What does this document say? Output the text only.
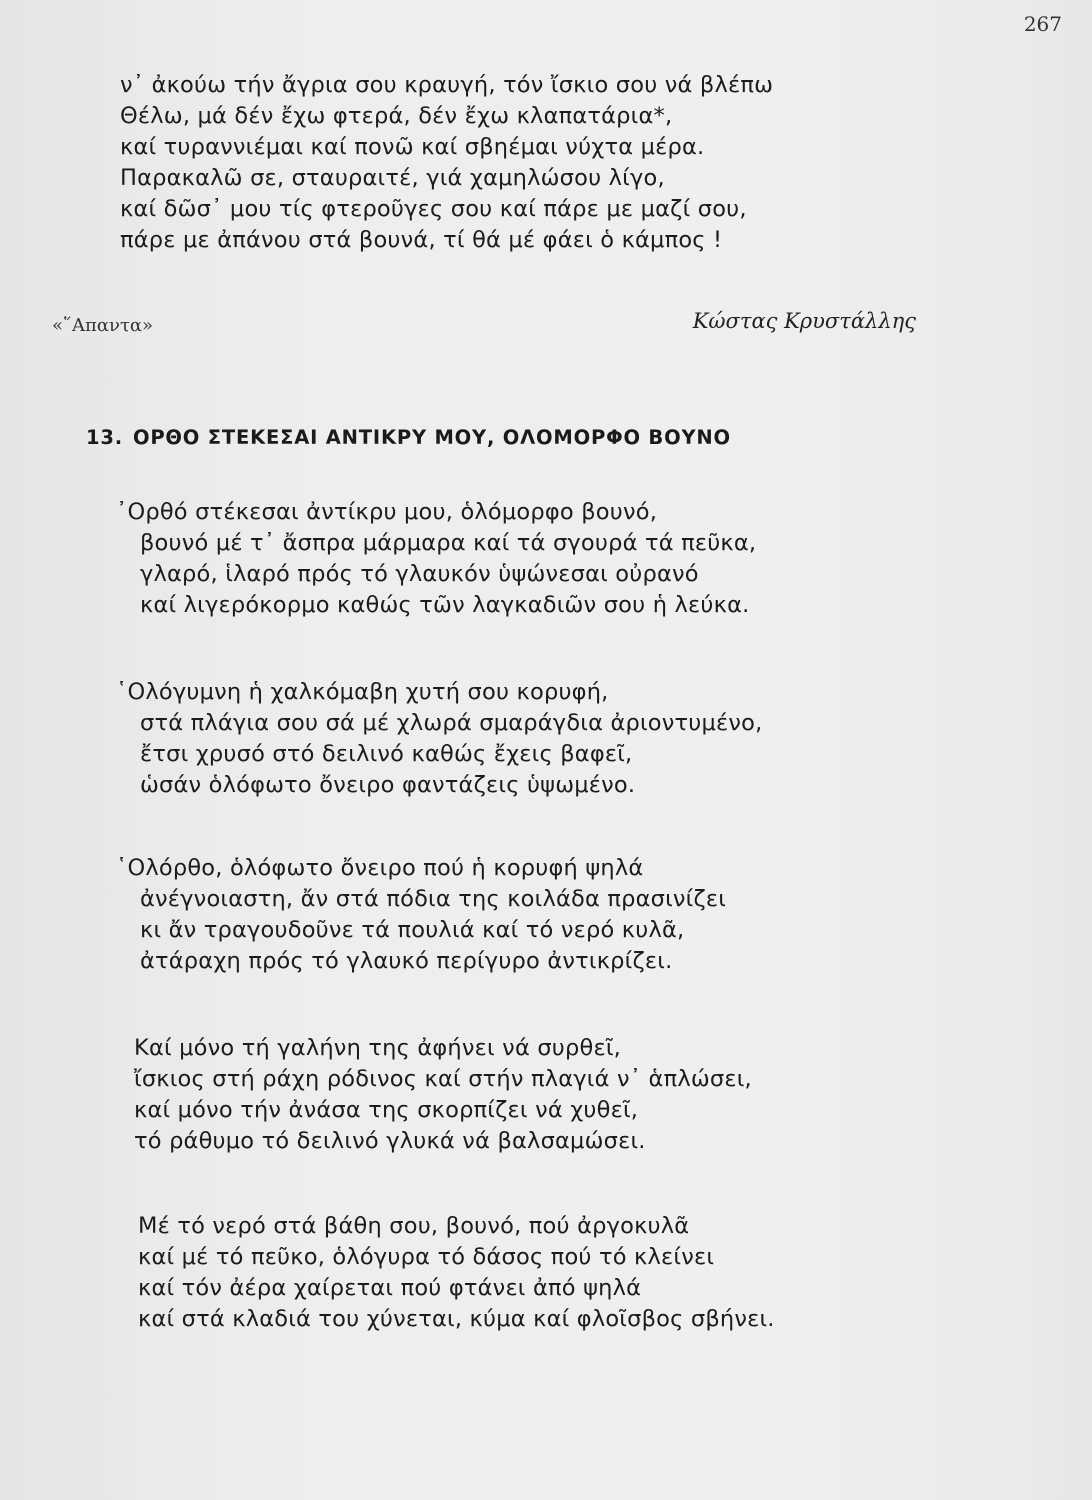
267
ν᾽ ἀκούω τήν ἄγρια σου κραυγή, τόν ἴσκιο σου νά βλέπω
Θέλω, μά δέν ἔχω φτερά, δέν ἔχω κλαπατάρια*,
καί τυραννιέμαι καί πονῶ καί σβηέμαι νύχτα μέρα.
Παρακαλῶ σε, σταυραιτέ, γιά χαμηλώσου λίγο,
καί δῶσ᾽ μου τίς φτεροῦγες σου καί πάρε με μαζί σου,
πάρε με ἀπάνου στά βουνά, τί θά μέ φάει ὁ κάμπος !
«῞Απαντα»	Κώστας Κρυστάλλης
13. ΟΡΘΟ ΣΤΕΚΕΣΑΙ ΑΝΤΙΚΡΥ ΜΟΥ, ΟΛΟΜΟΡΦΟ ΒΟΥΝΟ
᾿Ορθό στέκεσαι ἀντίκρυ μου, ὁλόμορφο βουνό,
βουνό μέ τ᾽ ἄσπρα μάρμαρα καί τά σγουρά τά πεῦκα,
γλαρό, ἱλαρό πρός τό γλαυκόν ὑψώνεσαι οὐρανό
καί λιγερόκορμο καθώς τῶν λαγκαδιῶν σου ἡ λεύκα.
῾Ολόγυμνη ἡ χαλκόμαβη χυτή σου κορυφή,
στά πλάγια σου σά μέ χλωρά σμαράγδια ἀριοντυμένο,
ἔτσι χρυσό στό δειλινό καθώς ἔχεις βαφεῖ,
ὡσάν ὁλόφωτο ὄνειρο φαντάζεις ὑψωμένο.
῾Ολόρθο, ὁλόφωτο ὄνειρο πού ἡ κορυφή ψηλά
ἀνέγνοιαστη, ἄν στά πόδια της κοιλάδα πρασινίζει
κι ἄν τραγουδοῦνε τά πουλιά καί τό νερό κυλᾶ,
ἀτάραχη πρός τό γλαυκό περίγυρο ἀντικρίζει.
Καί μόνο τή γαλήνη της ἀφήνει νά συρθεῖ,
ἴσκιος στή ράχη ρόδινος καί στήν πλαγιά ν᾽ ἁπλώσει,
καί μόνο τήν ἀνάσα της σκορπίζει νά χυθεῖ,
τό ράθυμο τό δειλινό γλυκά νά βαλσαμώσει.
Μέ τό νερό στά βάθη σου, βουνό, πού ἀργοκυλᾶ
καί μέ τό πεῦκο, ὁλόγυρα τό δάσος πού τό κλείνει
καί τόν ἀέρα χαίρεται πού φτάνει ἀπό ψηλά
καί στά κλαδιά του χύνεται, κύμα καί φλοῖσβος σβήνει.
